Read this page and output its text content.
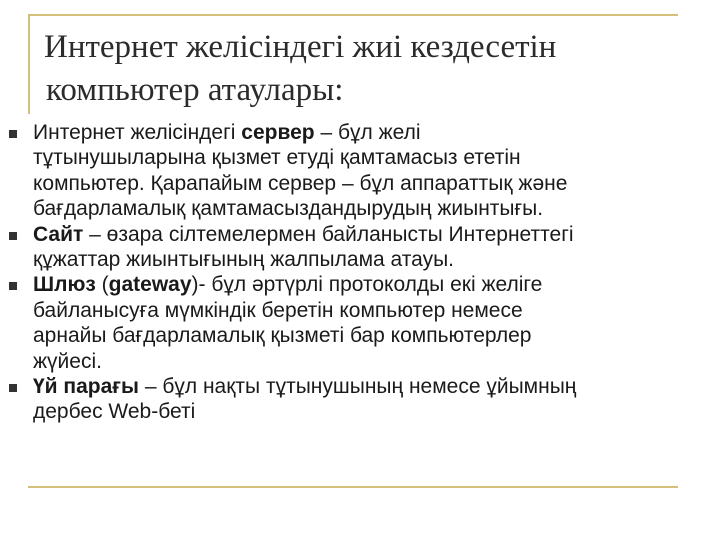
Интернет желісіндегі жиі кездесетін
компьютер атаулары:
Интернет желісіндегі сервер – бұл желі
тұтынушыларына қызмет етуді қамтамасыз ететін
компьютер. Қарапайым сервер – бұл аппараттық және
бағдарламалық қамтамасыздандырудың жиынтығы.
Сайт – өзара сілтемелермен байланысты Интернеттегі
құжаттар жиынтығының жалпылама атауы.
Шлюз (gateway)- бұл әртүрлі протоколды екі желіге
байланысуға мүмкіндік беретін компьютер немесе
арнайы бағдарламалық қызметі бар компьютерлер
жүйесі.
Үй парағы – бұл нақты тұтынушының немесе ұйымның
дербес Web-беті
